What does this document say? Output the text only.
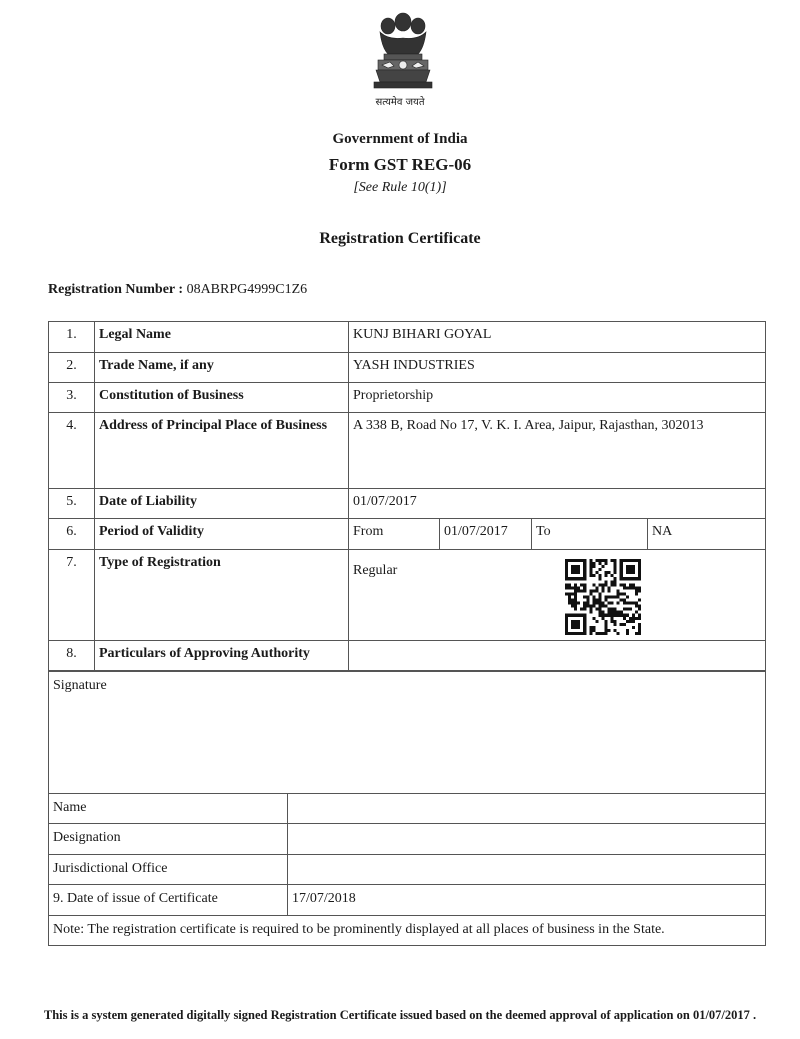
सत्यमेव जयते
Government of India
Form GST REG-06
[See Rule 10(1)]
Registration Certificate
Registration Number : 08ABRPG4999C1Z6
1.	Legal Name	KUNJ BIHARI GOYAL			
2.	Trade Name, if any	YASH INDUSTRIES			
3.	Constitution of Business	Proprietorship			
4.	Address of Principal Place of Business	A 338 B, Road No 17, V. K. I. Area, Jaipur, Rajasthan, 302013			
5.	Date of Liability	01/07/2017			
6.	Period of Validity	From	01/07/2017	To	NA
7.	Type of Registration	Regular			

8.	Particulars of Approving Authority				
Signature	
Name	
Designation	
Jurisdictional Office	
9. Date of issue of Certificate	17/07/2018
Note: The registration certificate is required to be prominently displayed at all places of business in the State.	
This is a system generated digitally signed Registration Certificate issued based on the deemed approval of application on 01/07/2017 .
